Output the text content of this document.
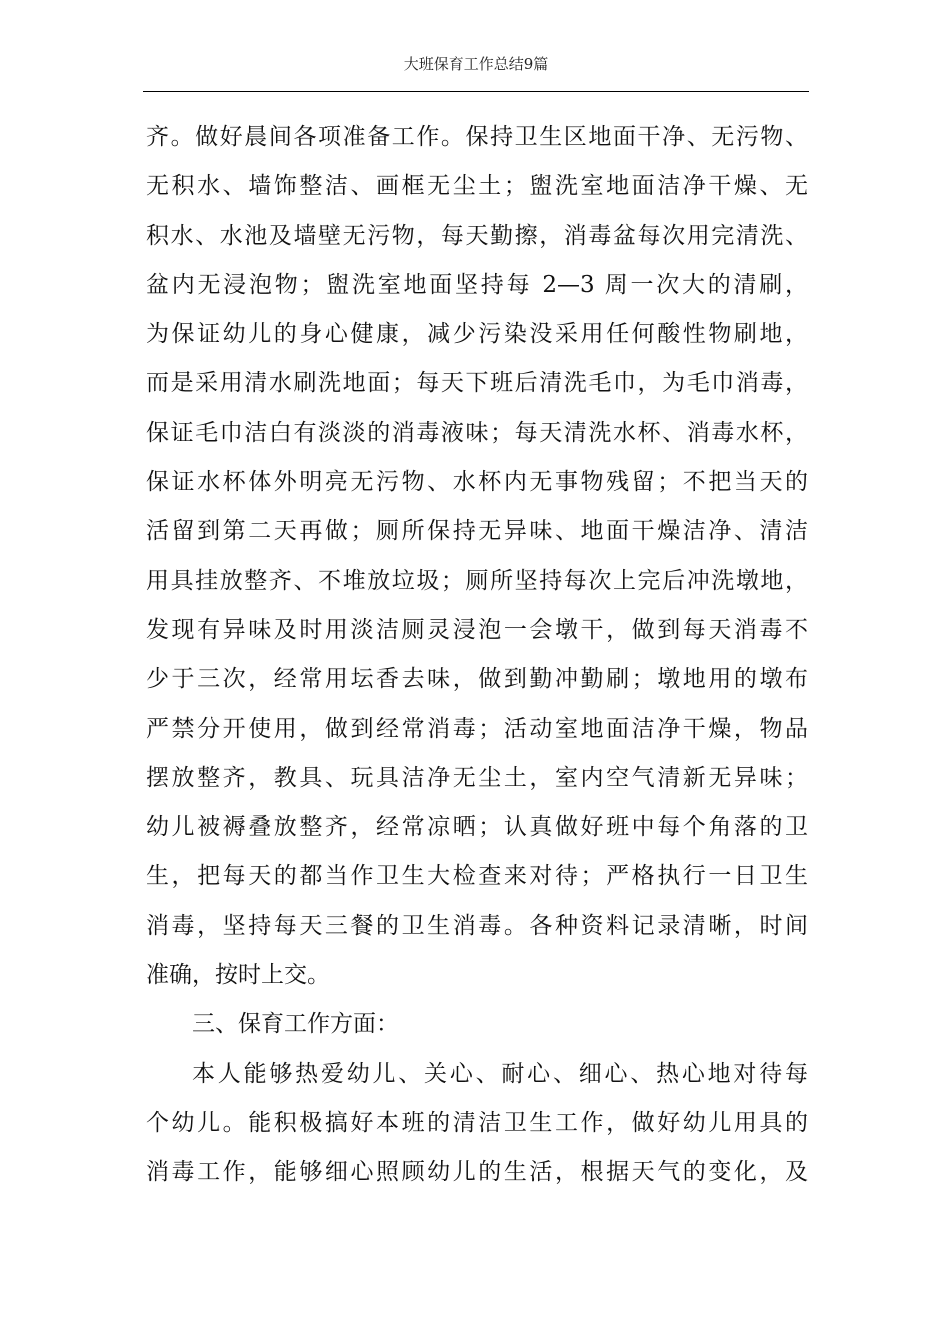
大班保育工作总结9篇
齐。做好晨间各项准备工作。保持卫生区地面干净、无污物、
无积水、墙饰整洁、画框无尘土；盥洗室地面洁净干燥、无
积水、水池及墙壁无污物，每天勤擦，消毒盆每次用完清洗、
盆内无浸泡物；盥洗室地面坚持每 2—3 周一次大的清刷，
为保证幼儿的身心健康，减少污染没采用任何酸性物刷地，
而是采用清水刷洗地面；每天下班后清洗毛巾，为毛巾消毒，
保证毛巾洁白有淡淡的消毒液味；每天清洗水杯、消毒水杯，
保证水杯体外明亮无污物、水杯内无事物残留；不把当天的
活留到第二天再做；厕所保持无异味、地面干燥洁净、清洁
用具挂放整齐、不堆放垃圾；厕所坚持每次上完后冲洗墩地，
发现有异味及时用淡洁厕灵浸泡一会墩干，做到每天消毒不
少于三次，经常用坛香去味，做到勤冲勤刷；墩地用的墩布
严禁分开使用，做到经常消毒；活动室地面洁净干燥，物品
摆放整齐，教具、玩具洁净无尘土，室内空气清新无异味；
幼儿被褥叠放整齐，经常凉晒；认真做好班中每个角落的卫
生，把每天的都当作卫生大检查来对待；严格执行一日卫生
消毒，坚持每天三餐的卫生消毒。各种资料记录清晰，时间
准确，按时上交。
三、保育工作方面：
本人能够热爱幼儿、关心、耐心、细心、热心地对待每
个幼儿。能积极搞好本班的清洁卫生工作，做好幼儿用具的
消毒工作，能够细心照顾幼儿的生活，根据天气的变化，及
